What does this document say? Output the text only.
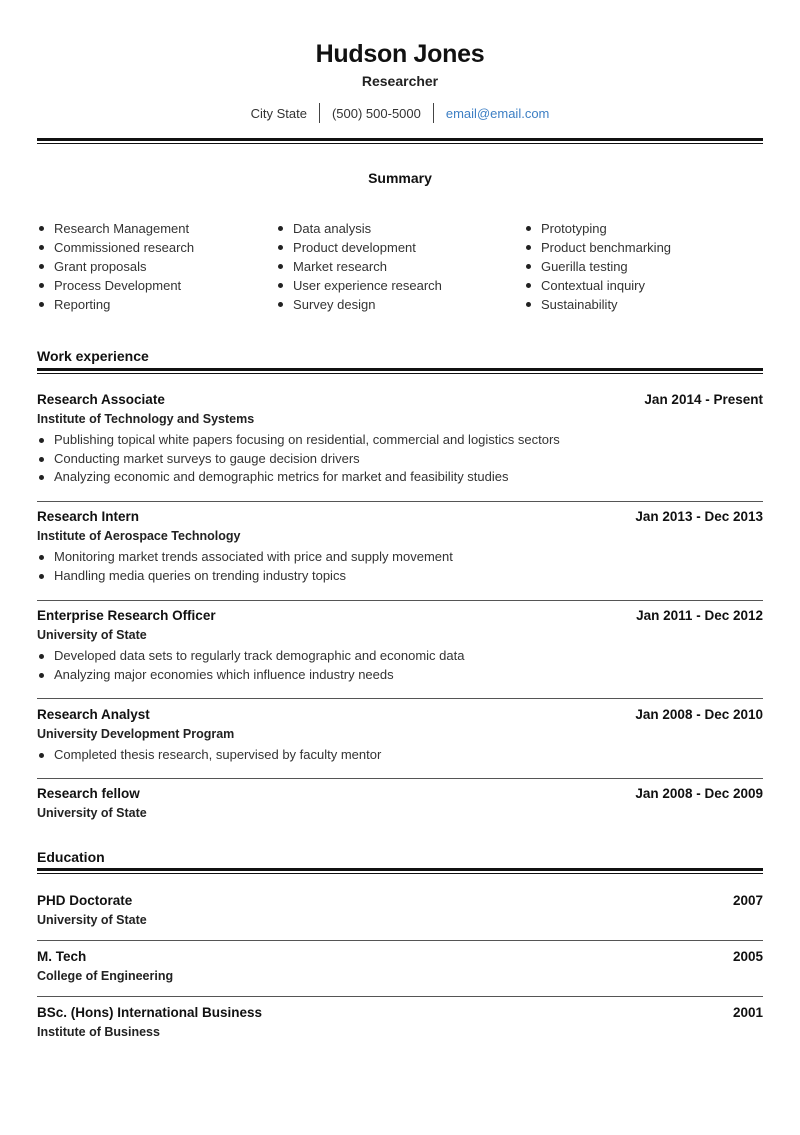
Hudson Jones
Researcher
City State	(500) 500-5000	email@email.com
Summary
Research Management
Commissioned research
Grant proposals
Process Development
Reporting
Data analysis
Product development
Market research
User experience research
Survey design
Prototyping
Product benchmarking
Guerilla testing
Contextual inquiry
Sustainability
Work experience
Research Associate	Jan 2014 - Present
Institute of Technology and Systems
Publishing topical white papers focusing on residential, commercial and logistics sectors
Conducting market surveys to gauge decision drivers
Analyzing economic and demographic metrics for market and feasibility studies
Research Intern	Jan 2013 - Dec 2013
Institute of Aerospace Technology
Monitoring market trends associated with price and supply movement
Handling media queries on trending industry topics
Enterprise Research Officer	Jan 2011 - Dec 2012
University of State
Developed data sets to regularly track demographic and economic data
Analyzing major economies which influence industry needs
Research Analyst	Jan 2008 - Dec 2010
University Development Program
Completed thesis research, supervised by faculty mentor
Research fellow	Jan 2008 - Dec 2009
University of State
Education
PHD Doctorate	2007
University of State
M. Tech	2005
College of Engineering
BSc. (Hons) International Business	2001
Institute of Business
